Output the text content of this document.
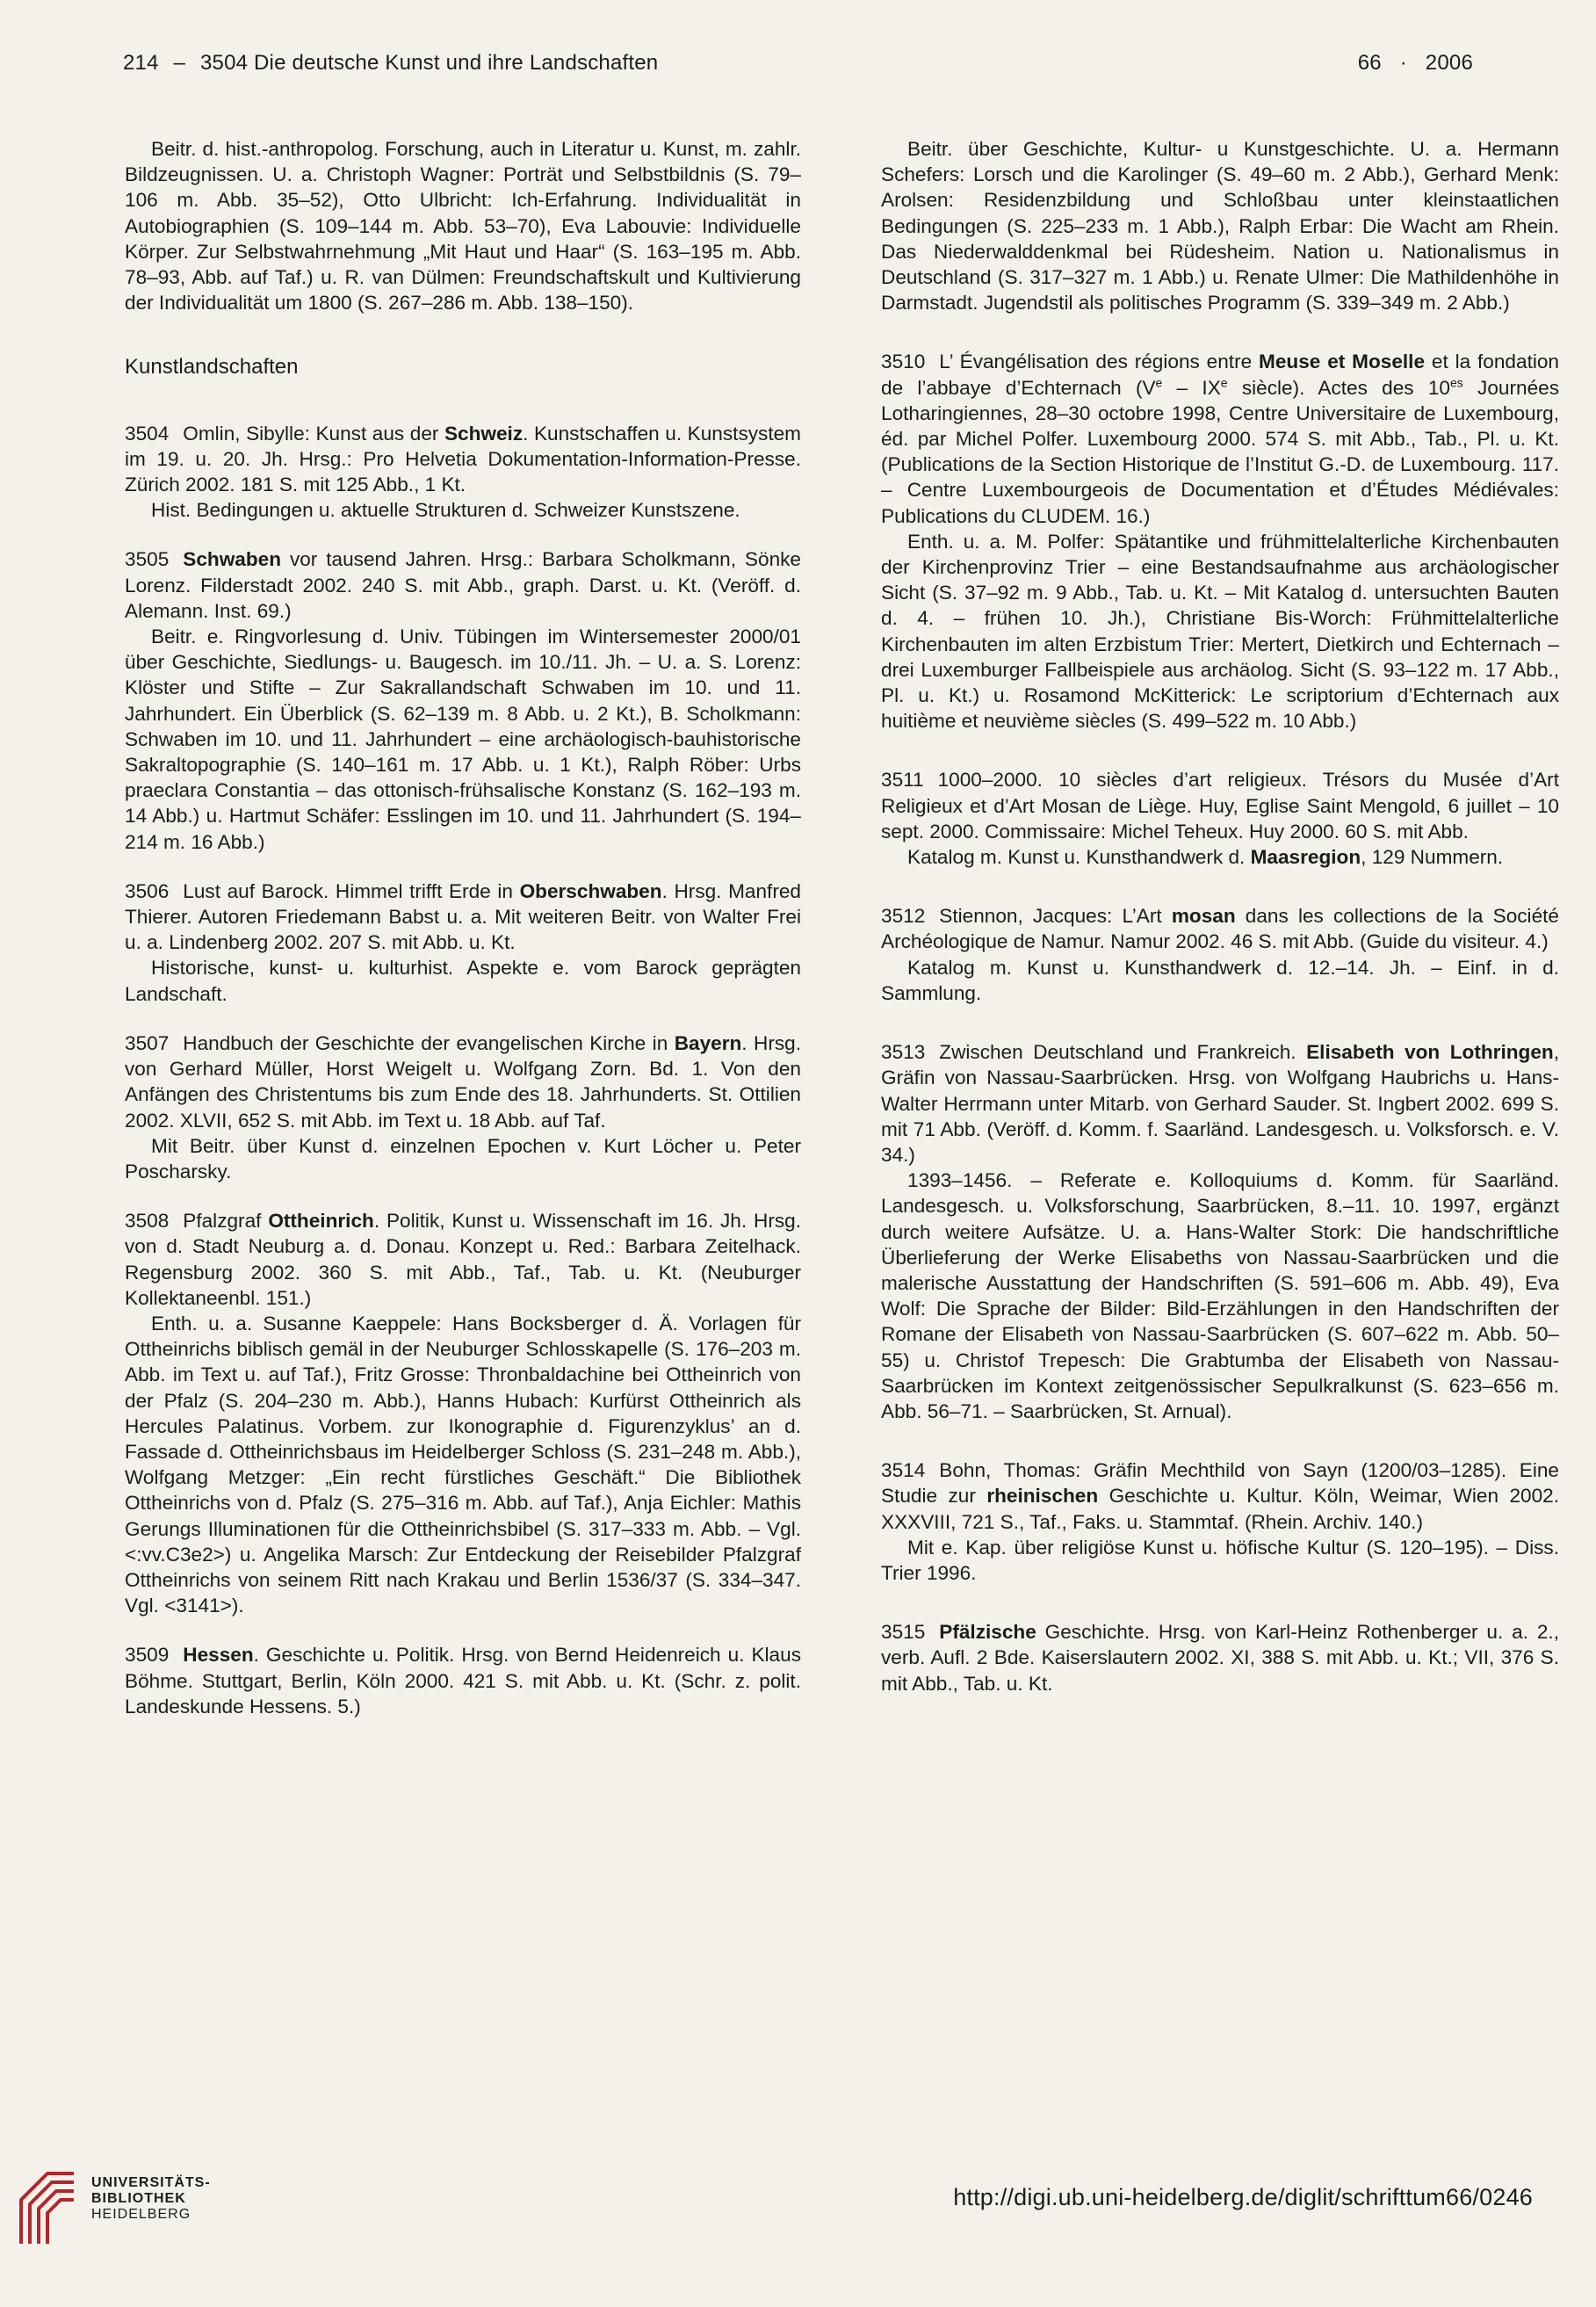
214 – 3504 Die deutsche Kunst und ihre Landschaften	66 · 2006

Beitr. d. hist.-anthropolog. Forschung, auch in Literatur u. Kunst, m. zahlr. Bildzeugnissen. U. a. Christoph Wagner: Porträt und Selbstbildnis (S. 79–106 m. Abb. 35–52), Otto Ulbricht: Ich-Erfahrung. Individualität in Autobiographien (S. 109–144 m. Abb. 53–70), Eva Labouvie: Individuelle Körper. Zur Selbstwahrnehmung „Mit Haut und Haar“ (S. 163–195 m. Abb. 78–93, Abb. auf Taf.) u. R. van Dülmen: Freundschaftskult und Kultivierung der Individualität um 1800 (S. 267–286 m. Abb. 138–150).

Kunstlandschaften

3504 Omlin, Sibylle: Kunst aus der Schweiz. Kunstschaffen u. Kunstsystem im 19. u. 20. Jh. Hrsg.: Pro Helvetia Dokumentation-Information-Presse. Zürich 2002. 181 S. mit 125 Abb., 1 Kt.

Hist. Bedingungen u. aktuelle Strukturen d. Schweizer Kunstszene.

3505 Schwaben vor tausend Jahren. Hrsg.: Barbara Scholkmann, Sönke Lorenz. Filderstadt 2002. 240 S. mit Abb., graph. Darst. u. Kt. (Veröff. d. Alemann. Inst. 69.)

Beitr. e. Ringvorlesung d. Univ. Tübingen im Wintersemester 2000/01 über Geschichte, Siedlungs- u. Baugesch. im 10./11. Jh. – U. a. S. Lorenz: Klöster und Stifte – Zur Sakrallandschaft Schwaben im 10. und 11. Jahrhundert. Ein Überblick (S. 62–139 m. 8 Abb. u. 2 Kt.), B. Scholkmann: Schwaben im 10. und 11. Jahrhundert – eine archäologisch-bauhistorische Sakraltopographie (S. 140–161 m. 17 Abb. u. 1 Kt.), Ralph Röber: Urbs praeclara Constantia – das ottonisch-frühsalische Konstanz (S. 162–193 m. 14 Abb.) u. Hartmut Schäfer: Esslingen im 10. und 11. Jahrhundert (S. 194–214 m. 16 Abb.)

3506 Lust auf Barock. Himmel trifft Erde in Oberschwaben. Hrsg. Manfred Thierer. Autoren Friedemann Babst u. a. Mit weiteren Beitr. von Walter Frei u. a. Lindenberg 2002. 207 S. mit Abb. u. Kt.

Historische, kunst- u. kulturhist. Aspekte e. vom Barock geprägten Landschaft.

3507 Handbuch der Geschichte der evangelischen Kirche in Bayern. Hrsg. von Gerhard Müller, Horst Weigelt u. Wolfgang Zorn. Bd. 1. Von den Anfängen des Christentums bis zum Ende des 18. Jahrhunderts. St. Ottilien 2002. XLVII, 652 S. mit Abb. im Text u. 18 Abb. auf Taf.

Mit Beitr. über Kunst d. einzelnen Epochen v. Kurt Löcher u. Peter Poscharsky.

3508 Pfalzgraf Ottheinrich. Politik, Kunst u. Wissenschaft im 16. Jh. Hrsg. von d. Stadt Neuburg a. d. Donau. Konzept u. Red.: Barbara Zeitelhack. Regensburg 2002. 360 S. mit Abb., Taf., Tab. u. Kt. (Neuburger Kollektaneenbl. 151.)

Enth. u. a. Susanne Kaeppele: Hans Bocksberger d. Ä. Vorlagen für Ottheinrichs biblisch gemäl in der Neuburger Schlosskapelle (S. 176–203 m. Abb. im Text u. auf Taf.), Fritz Grosse: Thronbaldachine bei Ottheinrich von der Pfalz (S. 204–230 m. Abb.), Hanns Hubach: Kurfürst Ottheinrich als Hercules Palatinus. Vorbem. zur Ikonographie d. Figurenzyklus’ an d. Fassade d. Ottheinrichsbaus im Heidelberger Schloss (S. 231–248 m. Abb.), Wolfgang Metzger: „Ein recht fürstliches Geschäft.“ Die Bibliothek Ottheinrichs von d. Pfalz (S. 275–316 m. Abb. auf Taf.), Anja Eichler: Mathis Gerungs Illuminationen für die Ottheinrichsbibel (S. 317–333 m. Abb. – Vgl. <:vv.C3e2>) u. Angelika Marsch: Zur Entdeckung der Reisebilder Pfalzgraf Ottheinrichs von seinem Ritt nach Krakau und Berlin 1536/37 (S. 334–347. Vgl. <3141>).

3509 Hessen. Geschichte u. Politik. Hrsg. von Bernd Heidenreich u. Klaus Böhme. Stuttgart, Berlin, Köln 2000. 421 S. mit Abb. u. Kt. (Schr. z. polit. Landeskunde Hessens. 5.)

Beitr. über Geschichte, Kultur- u Kunstgeschichte. U. a. Hermann Schefers: Lorsch und die Karolinger (S. 49–60 m. 2 Abb.), Gerhard Menk: Arolsen: Residenzbildung und Schloßbau unter kleinstaatlichen Bedingungen (S. 225–233 m. 1 Abb.), Ralph Erbar: Die Wacht am Rhein. Das Niederwalddenkmal bei Rüdesheim. Nation u. Nationalismus in Deutschland (S. 317–327 m. 1 Abb.) u. Renate Ulmer: Die Mathildenhöhe in Darmstadt. Jugendstil als politisches Programm (S. 339–349 m. 2 Abb.)

3510 L’ Évangélisation des régions entre Meuse et Moselle et la fondation de l’abbaye d’Echternach (Ve – IXe siècle). Actes des $10^{es}$ Journées Lotharingiennes, 28–30 octobre 1998, Centre Universitaire de Luxembourg, éd. par Michel Polfer. Luxembourg 2000. 574 S. mit Abb., Tab., Pl. u. Kt. (Publications de la Section Historique de l’Institut G.-D. de Luxembourg. 117. – Centre Luxembourgeois de Documentation et d’Études Médiévales: Publications du CLUDEM. 16.)

Enth. u. a. M. Polfer: Spätantike und frühmittelalterliche Kirchenbauten der Kirchenprovinz Trier – eine Bestandsaufnahme aus archäologischer Sicht (S. 37–92 m. 9 Abb., Tab. u. Kt. – Mit Katalog d. untersuchten Bauten d. 4. – frühen 10. Jh.), Christiane Bis-Worch: Frühmittelalterliche Kirchenbauten im alten Erzbistum Trier: Mertert, Dietkirch und Echternach – drei Luxemburger Fallbeispiele aus archäolog. Sicht (S. 93–122 m. 17 Abb., Pl. u. Kt.) u. Rosamond McKitterick: Le scriptorium d’Echternach aux huitième et neuvième siècles (S. 499–522 m. 10 Abb.)

3511 1000–2000. 10 siècles d’art religieux. Trésors du Musée d’Art Religieux et d’Art Mosan de Liège. Huy, Eglise Saint Mengold, 6 juillet – 10 sept. 2000. Commissaire: Michel Teheux. Huy 2000. 60 S. mit Abb.

Katalog m. Kunst u. Kunsthandwerk d. Maasregion, 129 Nummern.

3512 Stiennon, Jacques: L’Art mosan dans les collections de la Société Archéologique de Namur. Namur 2002. 46 S. mit Abb. (Guide du visiteur. 4.)

Katalog m. Kunst u. Kunsthandwerk d. 12.–14. Jh. – Einf. in d. Sammlung.

3513 Zwischen Deutschland und Frankreich. Elisabeth von Lothringen, Gräfin von Nassau-Saarbrücken. Hrsg. von Wolfgang Haubrichs u. Hans-Walter Herrmann unter Mitarb. von Gerhard Sauder. St. Ingbert 2002. 699 S. mit 71 Abb. (Veröff. d. Komm. f. Saarländ. Landesgesch. u. Volksforsch. e. V. 34.)

1393–1456. – Referate e. Kolloquiums d. Komm. für Saarländ. Landesgesch. u. Volksforschung, Saarbrücken, 8.–11. 10. 1997, ergänzt durch weitere Aufsätze. U. a. Hans-Walter Stork: Die handschriftliche Überlieferung der Werke Elisabeths von Nassau-Saarbrücken und die malerische Ausstattung der Handschriften (S. 591–606 m. Abb. 49), Eva Wolf: Die Sprache der Bilder: Bild-Erzählungen in den Handschriften der Romane der Elisabeth von Nassau-Saarbrücken (S. 607–622 m. Abb. 50–55) u. Christof Trepesch: Die Grabtumba der Elisabeth von Nassau-Saarbrücken im Kontext zeitgenössischer Sepulkralkunst (S. 623–656 m. Abb. 56–71. – Saarbrücken, St. Arnual).

3514 Bohn, Thomas: Gräfin Mechthild von Sayn (1200/03–1285). Eine Studie zur rheinischen Geschichte u. Kultur. Köln, Weimar, Wien 2002. XXXVIII, 721 S., Taf., Faks. u. Stammtaf. (Rhein. Archiv. 140.)

Mit e. Kap. über religiöse Kunst u. höfische Kultur (S. 120–195). – Diss. Trier 1996.

3515 Pfälzische Geschichte. Hrsg. von Karl-Heinz Rothenberger u. a. 2., verb. Aufl. 2 Bde. Kaiserslautern 2002. XI, 388 S. mit Abb. u. Kt.; VII, 376 S. mit Abb., Tab. u. Kt.

UNIVERSITÄTS-
BIBLIOTHEK
HEIDELBERG
http://digi.ub.uni-heidelberg.de/diglit/schrifttum66/0246
